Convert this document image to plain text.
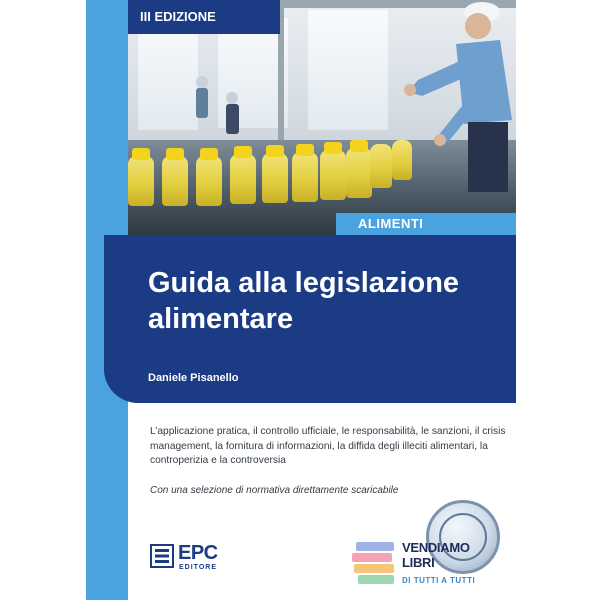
III EDIZIONE
ALIMENTI
Guida alla legislazione alimentare
Daniele Pisanello
L’applicazione pratica, il controllo ufficiale, le responsabilità, le sanzioni, il crisis management, la fornitura di informazioni, la diffida degli illeciti alimentari, la controperizia e la controversia
Con una selezione di normativa direttamente scaricabile
EPC
EDITORE
VENDIAMO
LIBRI
DI TUTTI A TUTTI
